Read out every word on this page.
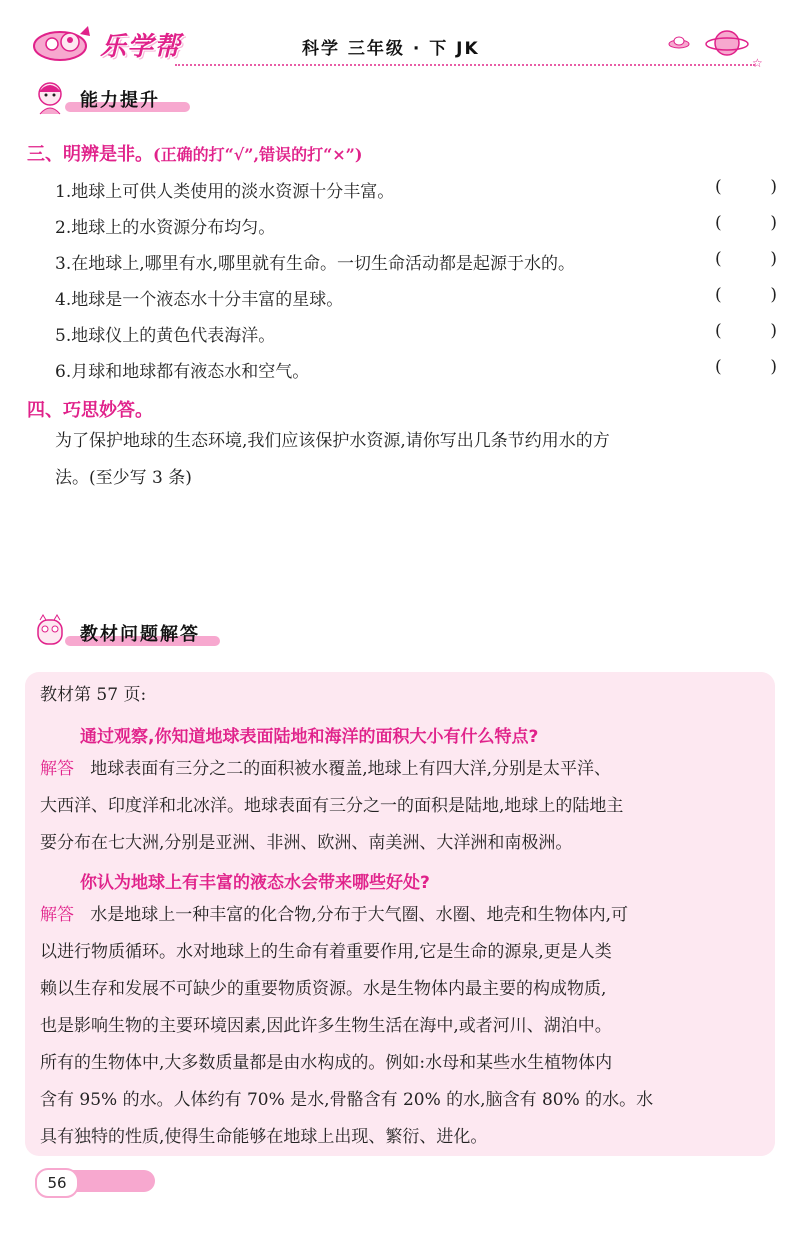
乐学帮	科学 三年级 · 下 JK
☆
能力提升
三、明辨是非。(正确的打“√”,错误的打“×”)
1.地球上可供人类使用的淡水资源十分丰富。	(	)
2.地球上的水资源分布均匀。	(	)
3.在地球上,哪里有水,哪里就有生命。一切生命活动都是起源于水的。	(	)
4.地球是一个液态水十分丰富的星球。	(	)
5.地球仪上的黄色代表海洋。	(	)
6.月球和地球都有液态水和空气。	(	)
四、巧思妙答。
为了保护地球的生态环境,我们应该保护水资源,请你写出几条节约用水的方
法。(至少写 3 条)
教材问题解答
教材第 57 页:
通过观察,你知道地球表面陆地和海洋的面积大小有什么特点?
解答 地球表面有三分之二的面积被水覆盖,地球上有四大洋,分别是太平洋、
大西洋、印度洋和北冰洋。地球表面有三分之一的面积是陆地,地球上的陆地主
要分布在七大洲,分别是亚洲、非洲、欧洲、南美洲、大洋洲和南极洲。
你认为地球上有丰富的液态水会带来哪些好处?
解答 水是地球上一种丰富的化合物,分布于大气圈、水圈、地壳和生物体内,可
以进行物质循环。水对地球上的生命有着重要作用,它是生命的源泉,更是人类
赖以生存和发展不可缺少的重要物质资源。水是生物体内最主要的构成物质,
也是影响生物的主要环境因素,因此许多生物生活在海中,或者河川、湖泊中。
所有的生物体中,大多数质量都是由水构成的。例如:水母和某些水生植物体内
含有 95% 的水。人体约有 70% 是水,骨骼含有 20% 的水,脑含有 80% 的水。水
具有独特的性质,使得生命能够在地球上出现、繁衍、进化。
56
